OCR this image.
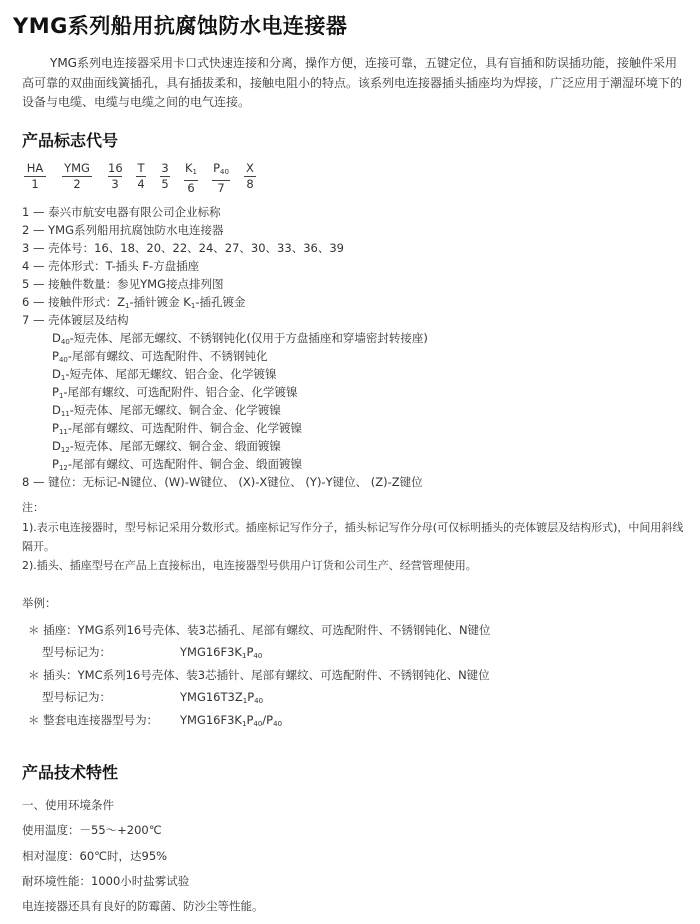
YMG系列船用抗腐蚀防水电连接器
YMG系列电连接器采用卡口式快速连接和分离，操作方便，连接可靠，五键定位，具有盲插和防误插功能，接触件采用高可靠的双曲面线簧插孔，具有插拔柔和，接触电阻小的特点。该系列电连接器插头插座均为焊接，广泛应用于潮湿环境下的设备与电缆、电缆与电缆之间的电气连接。
产品标志代号
HA
1
YMG
2
16
3
T
4
3
5
$K_1$
6
$P_{40}$
7
X
8
1 — 泰兴市航安电器有限公司企业标称
2 — YMG系列船用抗腐蚀防水电连接器
3 — 壳体号：16、18、20、22、24、27、30、33、36、39
4 — 壳体形式：T-插头 F-方盘插座
5 — 接触件数量：参见YMG接点排列图
6 — 接触件形式：$Z_1-$插针镀金 $K_1-$插孔镀金
7 — 壳体镀层及结构
$D_{40}-$短壳体、尾部无螺纹、不锈钢钝化(仅用于方盘插座和穿墙密封转接座)
$P_{40}-$尾部有螺纹、可选配附件、不锈钢钝化
$D_1-$短壳体、尾部无螺纹、铝合金、化学镀镍
$P_1-$尾部有螺纹、可选配附件、铝合金、化学镀镍
$D_{11}-$短壳体、尾部无螺纹、铜合金、化学镀镍
$P_{11}-$尾部有螺纹、可选配附件、铜合金、化学镀镍
$D_{12}-$短壳体、尾部无螺纹、铜合金、缎面镀镍
$P_{12}-$尾部有螺纹、可选配附件、铜合金、缎面镀镍
8 — 键位：无标记-N键位、(W)-W键位、 (X)-X键位、 (Y)-Y键位、 (Z)-Z键位
注：
1).表示电连接器时，型号标记采用分数形式。插座标记写作分子，插头标记写作分母(可仅标明插头的壳体镀层及结构形式)，中间用斜线隔开。
2).插头、插座型号在产品上直接标出，电连接器型号供用户订货和公司生产、经营管理使用。
举例：
＊ 插座：YMG系列16号壳体、装3芯插孔、尾部有螺纹、可选配附件、不锈钢钝化、N键位
型号标记为：	$YMG16F3K_1P_{40}$
＊ 插头：YMC系列16号壳体、装3芯插针、尾部有螺纹、可选配附件、不锈钢钝化、N键位
型号标记为：	$YMG16T3Z_1P_{40}$
＊ 整套电连接器型号为： $YMG16F3K_1P_{40}/P_{40}$
产品技术特性
一、使用环境条件
使用温度：－55～+200℃
相对湿度：60℃时，达95%
耐环境性能：1000小时盐雾试验
电连接器还具有良好的防霉菌、防沙尘等性能。
